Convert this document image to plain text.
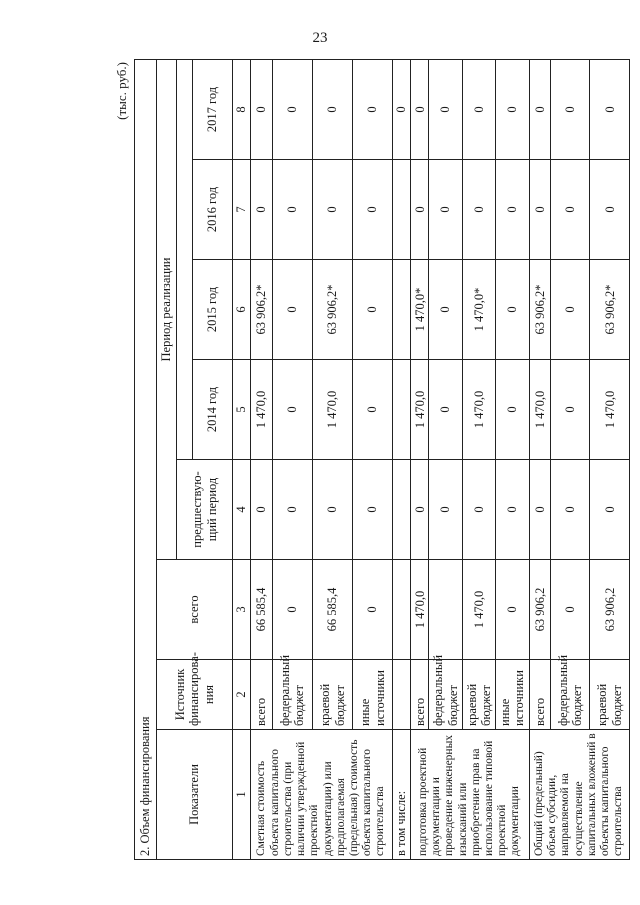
23
(тыс. руб.)
2. Объем финансирования							
Показатели	Источник финансирова-ния	всего	Период реализации				
			предшествую-щий период				
				2014 год	2015 год	2016 год	2017 год
1	2	3	4	5	6	7	8
Сметная стоимость объекта капитального строительства (при наличии утвержденной проектной документации) или предполагаемая (предельная) стоимость объекта капитального строительства	всего	66 585,4	0	1 470,0	63 906,2*	0	0
	федеральный бюджет	0	0	0	0	0	0
	краевой бюджет	66 585,4	0	1 470,0	63 906,2*	0	0
	иные источники	0	0	0	0	0	0
в том числе:							0
подготовка проектной документации и проведение инженерных изысканий или приобретение прав на использование типовой проектной документации	всего	1 470,0	0	1 470,0	1 470,0*	0	0
	федеральный бюджет		0	0	0	0	0
	краевой бюджет	1 470,0	0	1 470,0	1 470,0*	0	0
	иные источники	0	0	0	0	0	0
Общий (предельный) объем субсидии, направляемой на осуществление капитальных вложений в объекты капитального строительства	всего	63 906,2	0	1 470,0	63 906,2*	0	0
	федеральный бюджет	0	0	0	0	0	0
	краевой бюджет	63 906,2	0	1 470,0	63 906,2*	0	0
